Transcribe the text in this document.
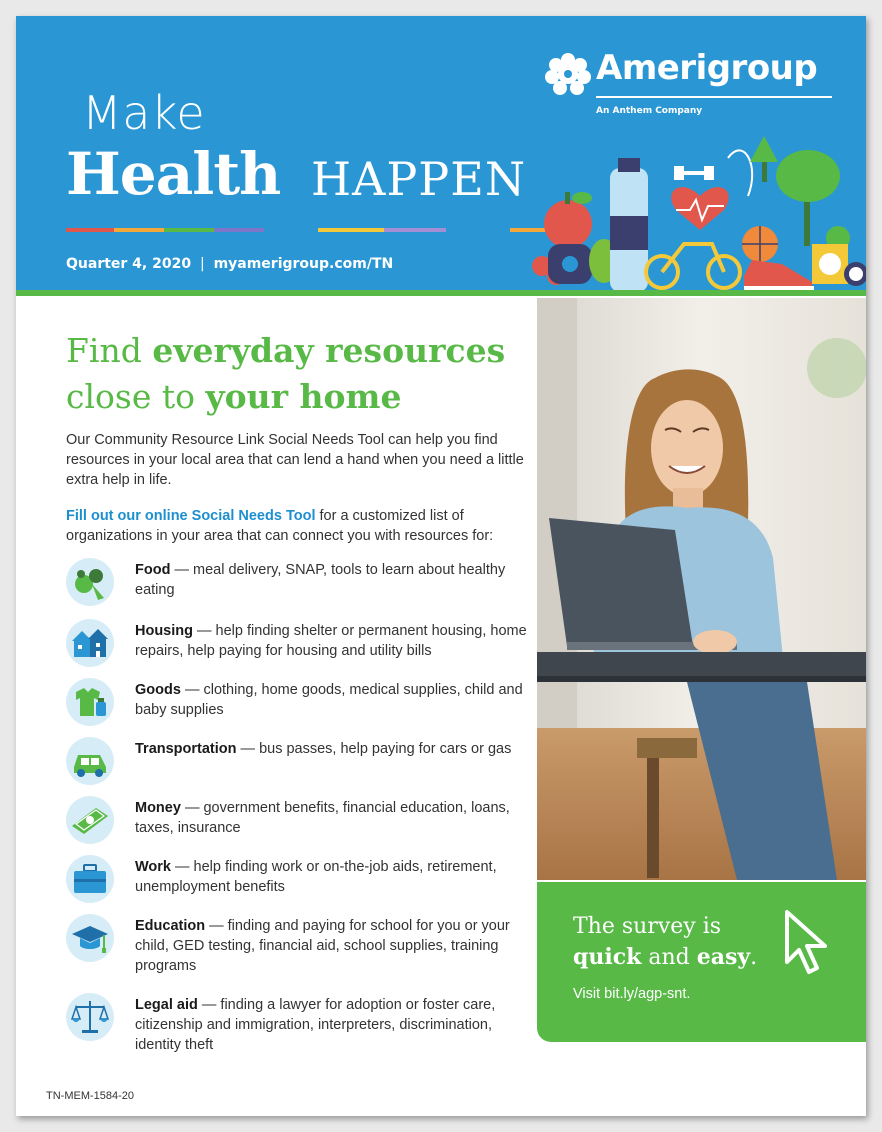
Make
Health HAPPEN
Quarter 4, 2020 | myamerigroup.com/TN
Amerigroup
An Anthem Company
Find everyday resources
close to your home
Our Community Resource Link Social Needs Tool can help you find resources in your local area that can lend a hand when you need a little extra help in life.
Fill out our online Social Needs Tool for a customized list of organizations in your area that can connect you with resources for:
Food — meal delivery, SNAP, tools to learn about healthy eating
Housing — help finding shelter or permanent housing, home repairs, help paying for housing and utility bills
Goods — clothing, home goods, medical supplies, child and baby supplies
Transportation — bus passes, help paying for cars or gas
Money — government benefits, financial education, loans, taxes, insurance
Work — help finding work or on-the-job aids, retirement, unemployment benefits
Education — finding and paying for school for you or your child, GED testing, financial aid, school supplies, training programs
Legal aid — finding a lawyer for adoption or foster care, citizenship and immigration, interpreters, discrimination, identity theft
The survey is
quick and easy.
Visit bit.ly/agp-snt.
TN-MEM-1584-20
